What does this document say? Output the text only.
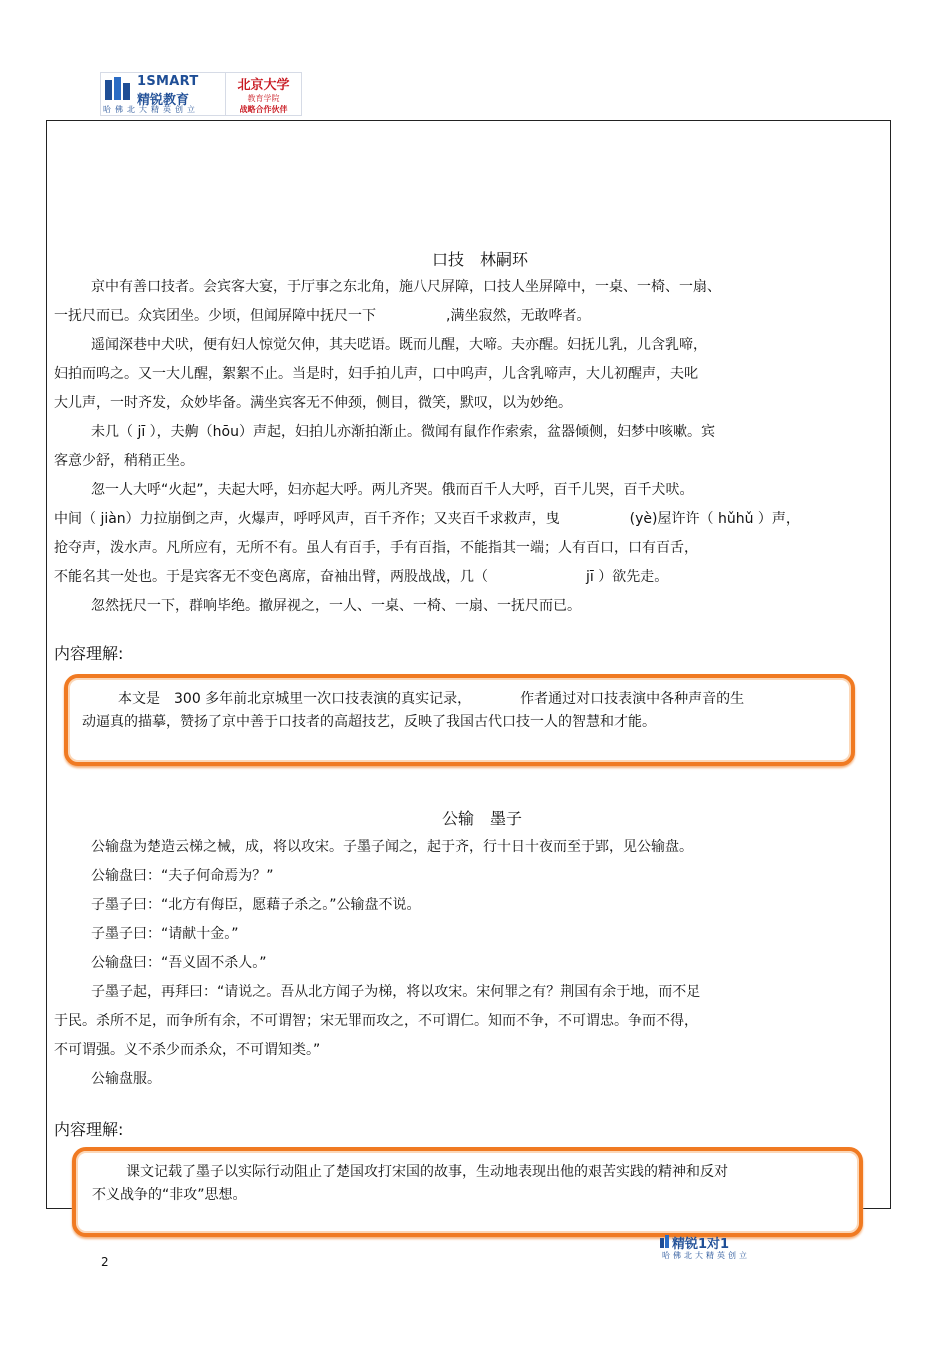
1SMART
精锐教育
哈佛北大精英创立
北京大学
教育学院
战略合作伙伴
口技　林嗣环
京中有善口技者。会宾客大宴，于厅事之东北角，施八尺屏障，口技人坐屏障中，一桌、一椅、一扇、
一抚尺而已。众宾团坐。少顷，但闻屏障中抚尺一下　　　　　,满坐寂然，无敢哗者。
遥闻深巷中犬吠，便有妇人惊觉欠伸，其夫呓语。既而儿醒，大啼。夫亦醒。妇抚儿乳，儿含乳啼，
妇拍而呜之。又一大儿醒，絮絮不止。当是时，妇手拍儿声，口中呜声，儿含乳啼声，大儿初醒声，夫叱
大儿声，一时齐发，众妙毕备。满坐宾客无不伸颈，侧目，微笑，默叹，以为妙绝。
未几（ jī ），夫齁（hōu）声起，妇拍儿亦渐拍渐止。微闻有鼠作作索索，盆器倾侧，妇梦中咳嗽。宾
客意少舒，稍稍正坐。
忽一人大呼“火起”，夫起大呼，妇亦起大呼。两儿齐哭。俄而百千人大呼，百千儿哭，百千犬吠。
中间（ jiàn）力拉崩倒之声，火爆声，呼呼风声，百千齐作；又夹百千求救声，曳　　　　　(yè)屋许许（ hǔhǔ ）声，
抢夺声，泼水声。凡所应有，无所不有。虽人有百手，手有百指，不能指其一端；人有百口，口有百舌，
不能名其一处也。于是宾客无不变色离席，奋袖出臂，两股战战，几（　　　　　　　jī ）欲先走。
忽然抚尺一下，群响毕绝。撤屏视之，一人、一桌、一椅、一扇、一抚尺而已。
内容理解:
本文是　300 多年前北京城里一次口技表演的真实记录，　　　　作者通过对口技表演中各种声音的生
动逼真的描摹，赞扬了京中善于口技者的高超技艺，反映了我国古代口技一人的智慧和才能。
公输　墨子
公输盘为楚造云梯之械，成，将以攻宋。子墨子闻之，起于齐，行十日十夜而至于郢，见公输盘。
公输盘曰：“夫子何命焉为？”
子墨子曰：“北方有侮臣，愿藉子杀之。”公输盘不说。
子墨子曰：“请献十金。”
公输盘曰：“吾义固不杀人。”
子墨子起，再拜曰：“请说之。吾从北方闻子为梯，将以攻宋。宋何罪之有？荆国有余于地，而不足
于民。杀所不足，而争所有余，不可谓智；宋无罪而攻之，不可谓仁。知而不争，不可谓忠。争而不得，
不可谓强。义不杀少而杀众，不可谓知类。”
公输盘服。
内容理解:
课文记载了墨子以实际行动阻止了楚国攻打宋国的故事，生动地表现出他的艰苦实践的精神和反对
不义战争的“非攻”思想。
2
精锐1对1
哈佛北大精英创立
